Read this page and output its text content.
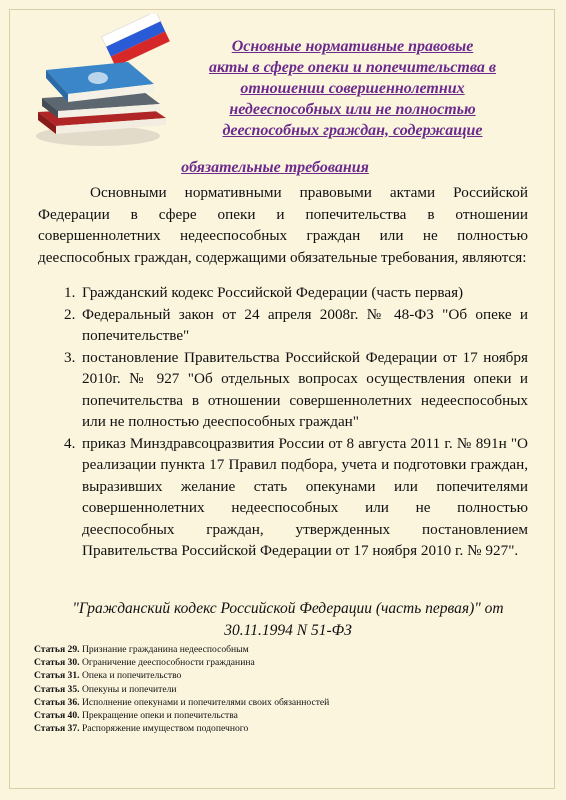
Основные нормативные правовые
акты в сфере опеки и попечительства в
отношении совершеннолетних
недееспособных или не полностью
дееспособных граждан, содержащие
обязательные требования
Основными нормативными правовыми актами Российской Федерации в сфере опеки и попечительства в отношении совершеннолетних недееспособных граждан или не полностью дееспособных граждан, содержащими обязательные требования, являются:
1. Гражданский кодекс Российской Федерации (часть первая)
2. Федеральный закон от 24 апреля 2008г. № 48-ФЗ "Об опеке и попечительстве"
3. постановление Правительства Российской Федерации от 17 ноября 2010г. № 927 "Об отдельных вопросах осуществления опеки и попечительства в отношении совершеннолетних недееспособных или не полностью дееспособных граждан"
4. приказ Минздравсоцразвития России от 8 августа 2011 г. № 891н "О реализации пункта 17 Правил подбора, учета и подготовки граждан, выразивших желание стать опекунами или попечителями совершеннолетних недееспособных или не полностью дееспособных граждан, утвержденных постановлением Правительства Российской Федерации от 17 ноября 2010 г. № 927".
"Гражданский кодекс Российской Федерации (часть первая)" от 30.11.1994 N 51-ФЗ
Статья 29. Признание гражданина недееспособным
Статья 30. Ограничение дееспособности гражданина
Статья 31. Опека и попечительство
Статья 35. Опекуны и попечители
Статья 36. Исполнение опекунами и попечителями своих обязанностей
Статья 40. Прекращение опеки и попечительства
Статья 37. Распоряжение имуществом подопечного
